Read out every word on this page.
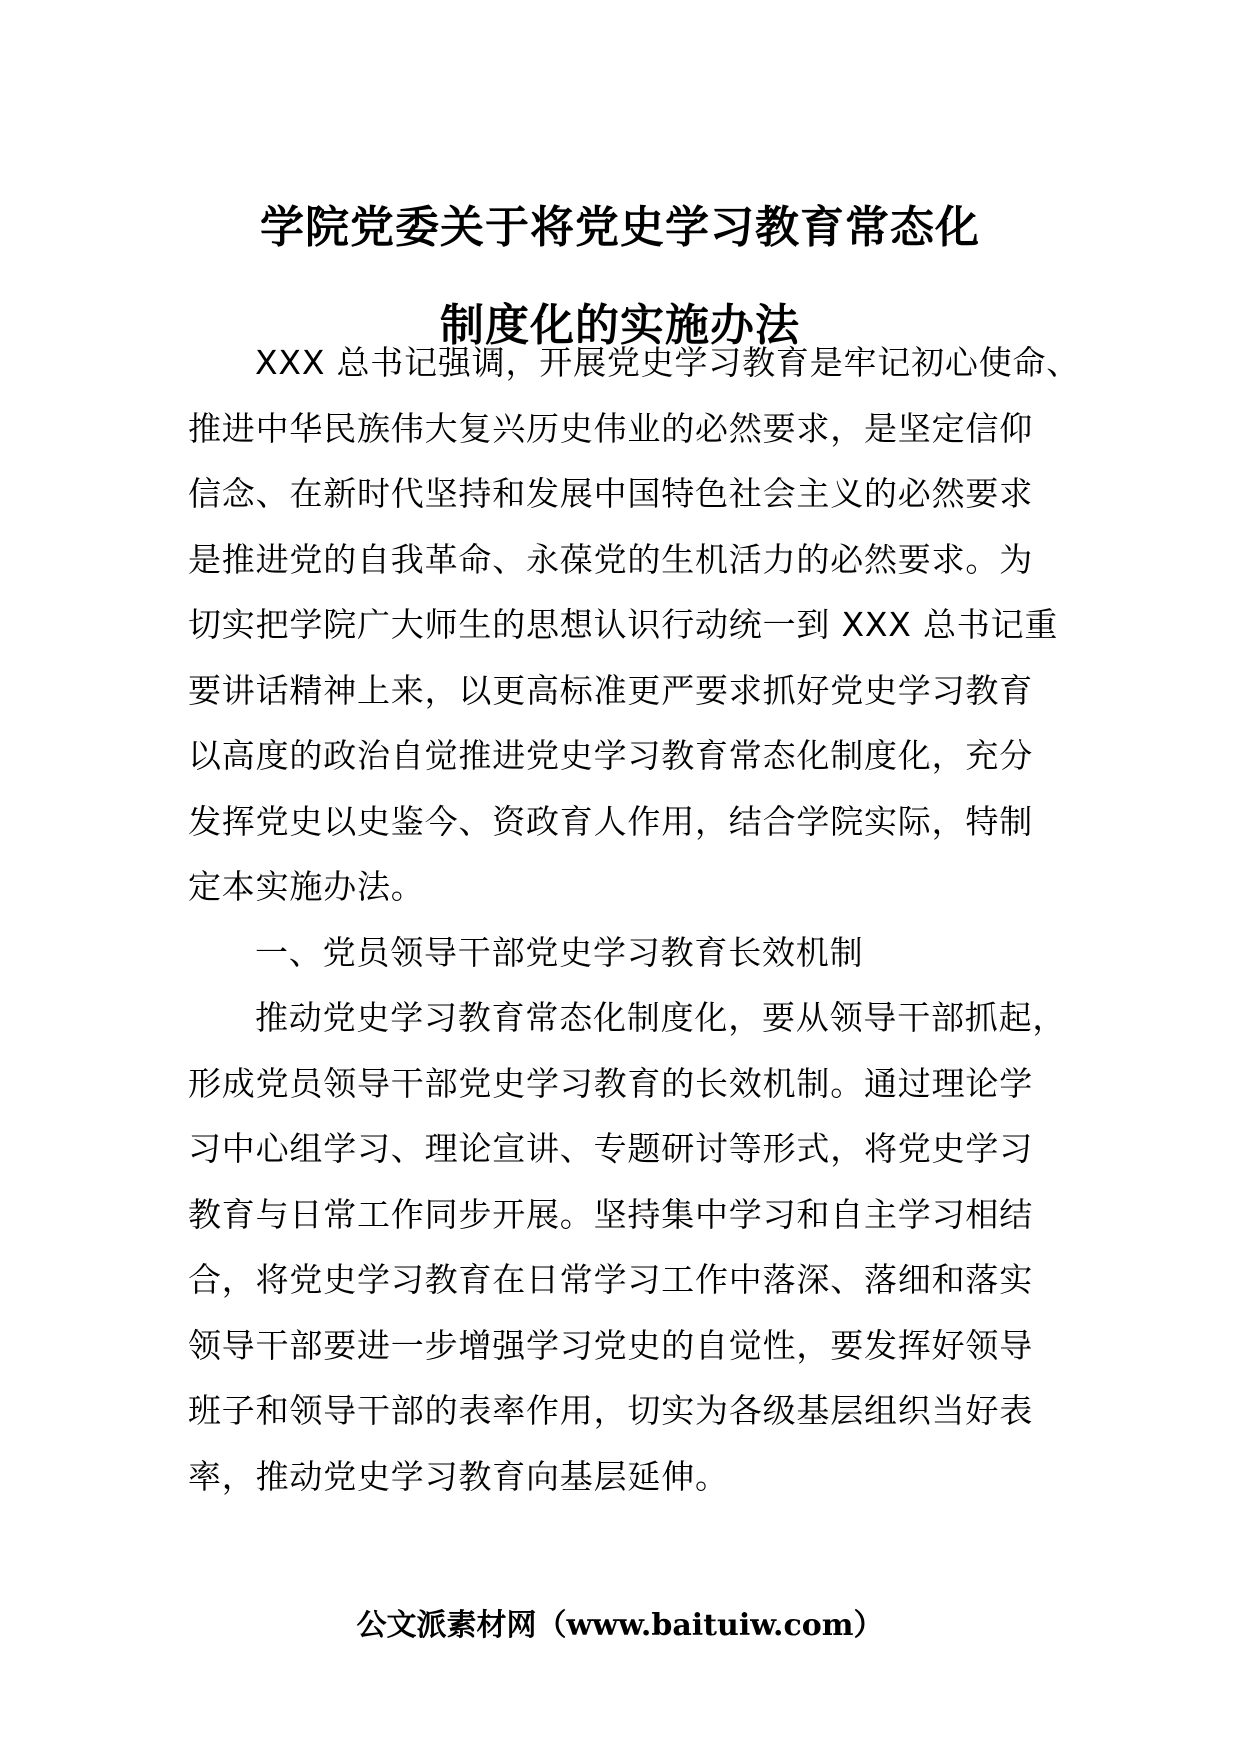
学院党委关于将党史学习教育常态化
制度化的实施办法
XXX 总书记强调，开展党史学习教育是牢记初心使命、
推进中华民族伟大复兴历史伟业的必然要求，是坚定信仰
信念、在新时代坚持和发展中国特色社会主义的必然要求
是推进党的自我革命、永葆党的生机活力的必然要求。为
切实把学院广大师生的思想认识行动统一到 XXX 总书记重
要讲话精神上来，以更高标准更严要求抓好党史学习教育
以高度的政治自觉推进党史学习教育常态化制度化，充分
发挥党史以史鉴今、资政育人作用，结合学院实际，特制
定本实施办法。
一、党员领导干部党史学习教育长效机制
推动党史学习教育常态化制度化，要从领导干部抓起，
形成党员领导干部党史学习教育的长效机制。通过理论学
习中心组学习、理论宣讲、专题研讨等形式，将党史学习
教育与日常工作同步开展。坚持集中学习和自主学习相结
合，将党史学习教育在日常学习工作中落深、落细和落实
领导干部要进一步增强学习党史的自觉性，要发挥好领导
班子和领导干部的表率作用，切实为各级基层组织当好表
率，推动党史学习教育向基层延伸。

公文派素材网（www.baituiw.com）
